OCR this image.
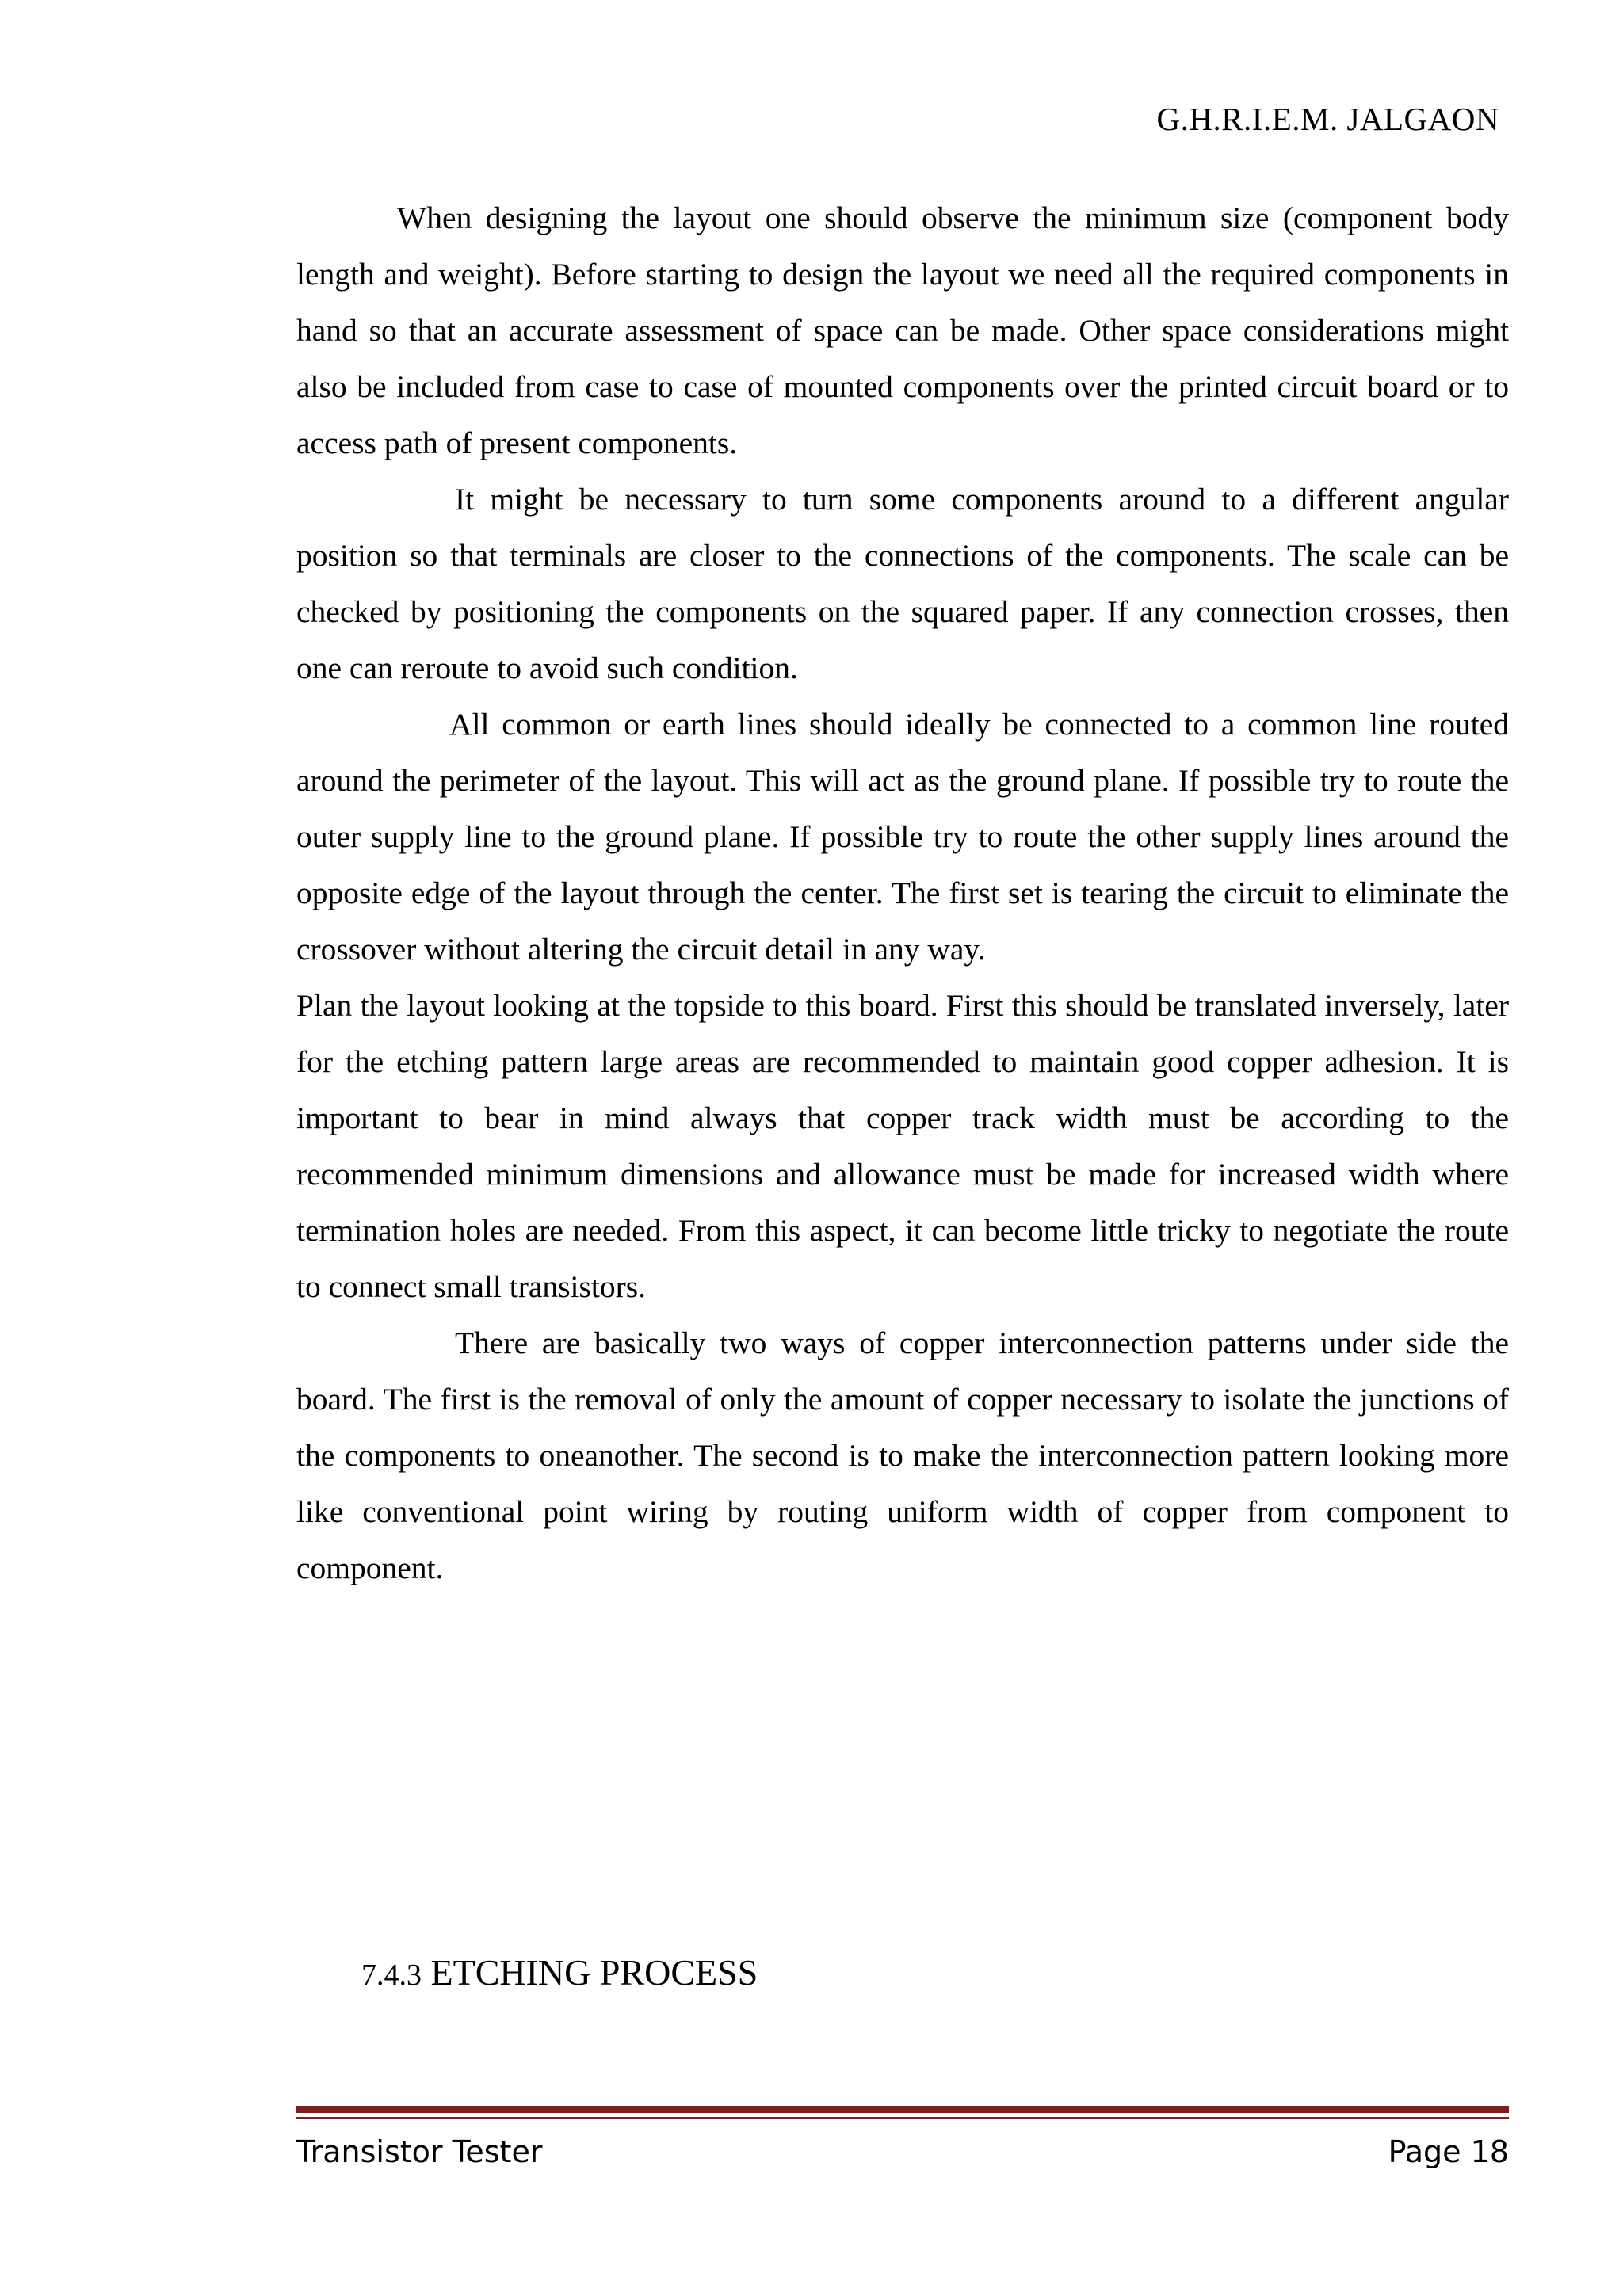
G.H.R.I.E.M. JALGAON

When designing the layout one should observe the minimum size (component body length and weight). Before starting to design the layout we need all the required components in hand so that an accurate assessment of space can be made. Other space considerations might also be included from case to case of mounted components over the printed circuit board or to access path of present components.

It might be necessary to turn some components around to a different angular position so that terminals are closer to the connections of the components. The scale can be checked by positioning the components on the squared paper. If any connection crosses, then one can reroute to avoid such condition.

All common or earth lines should ideally be connected to a common line routed around the perimeter of the layout. This will act as the ground plane. If possible try to route the outer supply line to the ground plane. If possible try to route the other supply lines around the opposite edge of the layout through the center. The first set is tearing the circuit to eliminate the crossover without altering the circuit detail in any way.

Plan the layout looking at the topside to this board. First this should be translated inversely, later for the etching pattern large areas are recommended to maintain good copper adhesion. It is important to bear in mind always that copper track width must be according to the recommended minimum dimensions and allowance must be made for increased width where termination holes are needed. From this aspect, it can become little tricky to negotiate the route to connect small transistors.

There are basically two ways of copper interconnection patterns under side the board. The first is the removal of only the amount of copper necessary to isolate the junctions of the components to oneanother. The second is to make the interconnection pattern looking more like conventional point wiring by routing uniform width of copper from component to component.

7.4.3 ETCHING PROCESS
Transistor Tester	Page 18
